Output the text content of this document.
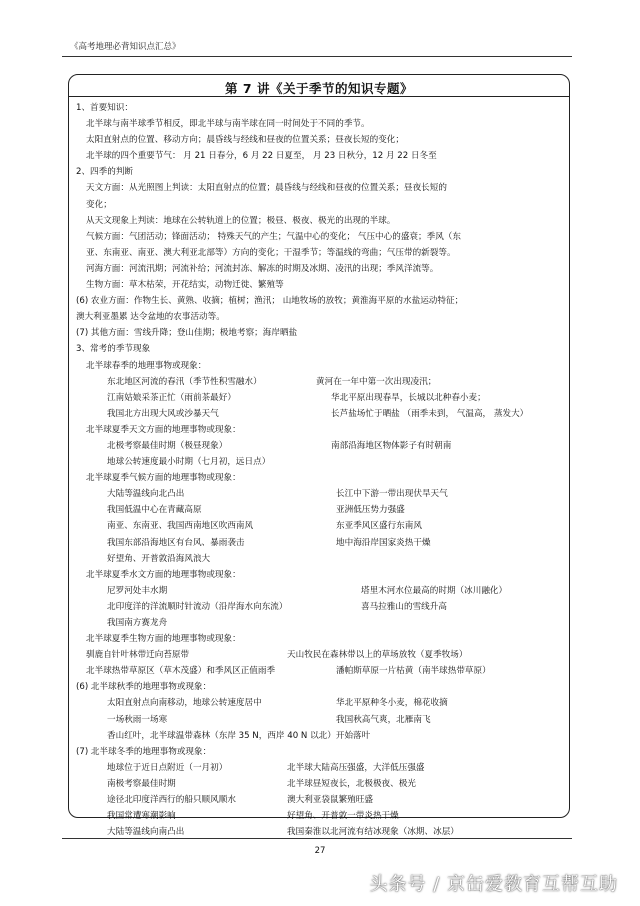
《高考地理必背知识点汇总》
第 7 讲《关于季节的知识专题》
1、首要知识：
北半球与南半球季节相反，即北半球与南半球在同一时间处于不同的季节。
太阳直射点的位置、移动方向；晨昏线与经线和昼夜的位置关系；昼夜长短的变化；
北半球的四个重要节气： 月 21 日春分，6 月 22 日夏至， 月 23 日秋分，12 月 22 日冬至
2、四季的判断
天文方面：从光照图上判读：太阳直射点的位置；晨昏线与经线和昼夜的位置关系；昼夜长短的
变化；
从天文现象上判读：地球在公转轨道上的位置；极昼、极夜、极光的出现的半球。
气候方面：气团活动；锋面活动； 特殊天气的产生；气温中心的变化； 气压中心的盛衰；季风（东
亚、东南亚、南亚、澳大利亚北部等）方向的变化；干湿季节；等温线的弯曲；气压带的新裂等。
河海方面：河流汛期；河流补给；河流封冻、解冻的时期及冰期、凌汛的出现；季风洋流等。
生物方面：草木枯荣，开花结实，动物迁徙、繁殖等
(6) 农业方面：作物生长、黄熟、收摘；植树；渔汛； 山地牧场的放牧；黄淮海平原的水盐运动特征；
澳大利亚墨累 达令盆地的农事活动等。
(7) 其他方面：雪线升降；登山佳期；极地考察；海岸晒盐
3、常考的季节现象
北半球春季的地理事物或现象：
东北地区河流的春汛（季节性积雪融水）	黄河在一年中第一次出现凌汛；
江南姑娘采茶正忙（雨前茶最好）	华北平原出现春旱，长城以北种春小麦；
我国北方出现大风或沙暴天气	长芦盐场忙于晒盐 （雨季未到， 气温高， 蒸发大）
北半球夏季天文方面的地理事物或现象：
北极考察最佳时期（极昼现象）	南部沿海地区物体影子有时朝南
地球公转速度最小时期（七月初，远日点）
北半球夏季气候方面的地理事物或现象：
大陆等温线向北凸出	长江中下游一带出现伏旱天气
我国低温中心在青藏高原	亚洲低压势力强盛
南亚、东南亚、我国西南地区吹西南风	东亚季风区盛行东南风
我国东部沿海地区有台风、暴雨袭击	地中海沿岸国家炎热干燥
好望角、开普敦沿海风浪大
北半球夏季水文方面的地理事物或现象：
尼罗河处丰水期	塔里木河水位最高的时期（冰川融化）
北印度洋的洋流顺时针流动（沿岸海水向东流）	喜马拉雅山的雪线升高
我国南方赛龙舟
北半球夏季生物方面的地理事物或现象：
驯鹿自针叶林带迁向苔原带	天山牧民在森林带以上的草场放牧（夏季牧场）
北半球热带草原区（草木茂盛）和季风区正值雨季	潘帕斯草原一片枯黄（南半球热带草原）
(6) 北半球秋季的地理事物或现象：
太阳直射点向南移动，地球公转速度居中	华北平原种冬小麦，棉花收摘
一场秋雨一场寒	我国秋高气爽，北雁南飞
香山红叶，北半球温带森林（东岸 35 N，西岸 40 N 以北）开始落叶
(7) 北半球冬季的地理事物或现象：
地球位于近日点附近（一月初）	北半球大陆高压强盛，大洋低压强盛
南极考察最佳时期	北半球昼短夜长，北极极夜、极光
途径北印度洋西行的船只顺风顺水	澳大利亚袋鼠繁殖旺盛
我国常遭寒潮影响	好望角、开普敦一带炎热干燥
大陆等温线向南凸出	我国秦淮以北河流有结冰现象（冰期、冰层）
27
头条号 / 京缶爱教育互帮互助
